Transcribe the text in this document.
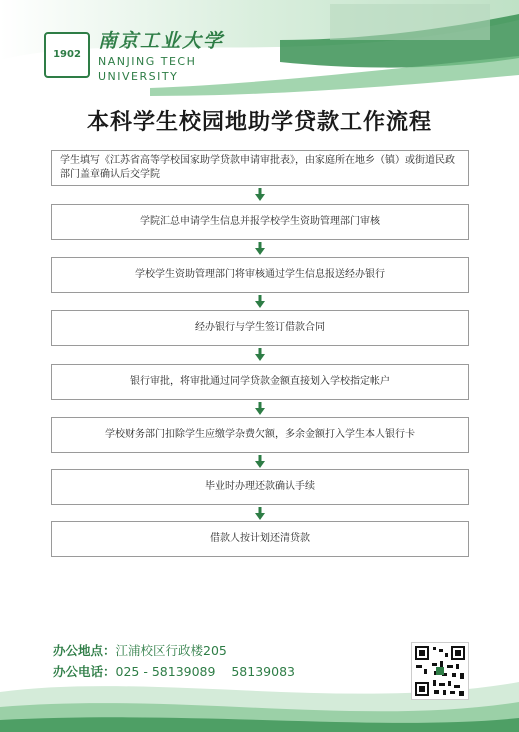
1902
南京工业大学
NANJING TECH
UNIVERSITY
本科学生校园地助学贷款工作流程
学生填写《江苏省高等学校国家助学贷款申请审批表》，由家庭所在地乡（镇）或街道民政部门盖章确认后交学院
学院汇总申请学生信息并报学校学生资助管理部门审核
学校学生资助管理部门将审核通过学生信息报送经办银行
经办银行与学生签订借款合同
银行审批，将审批通过同学贷款金额直接划入学校指定帐户
学校财务部门扣除学生应缴学杂费欠额，多余金额打入学生本人银行卡
毕业时办理还款确认手续
借款人按计划还清贷款
办公地点：江浦校区行政楼205
办公电话：025 - 58139089    58139083
